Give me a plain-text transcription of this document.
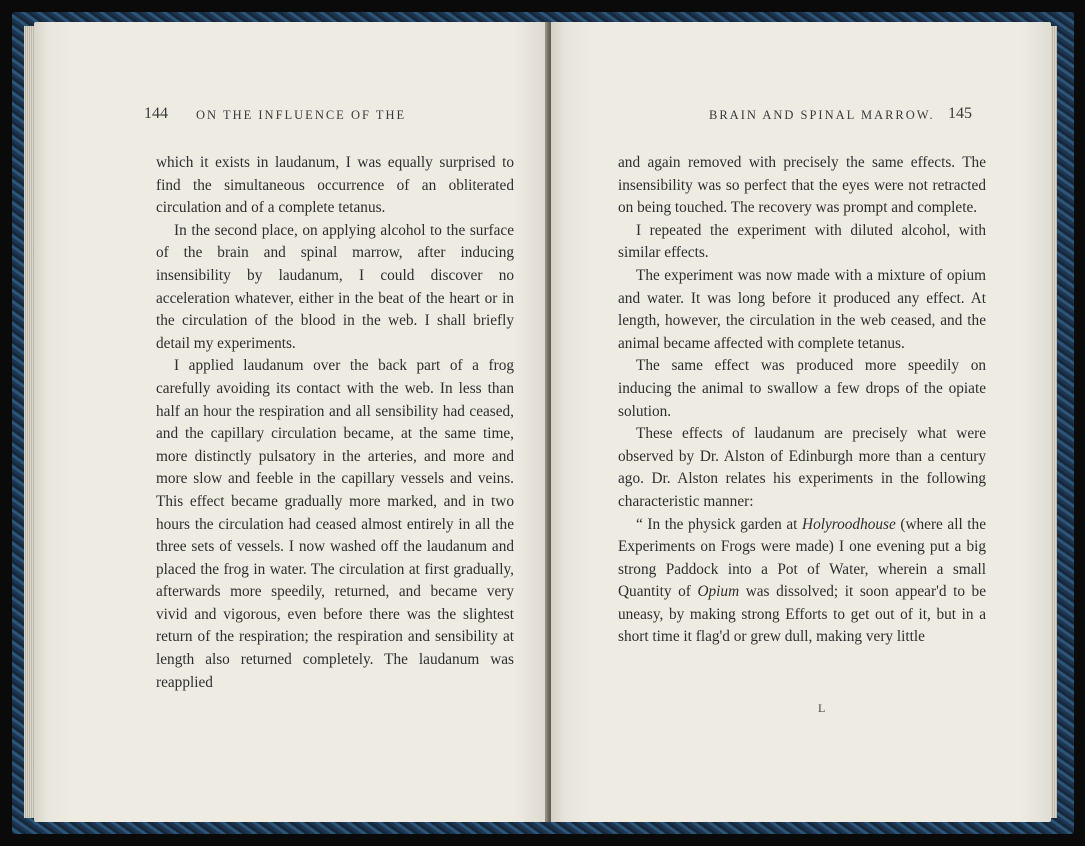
144 ON THE INFLUENCE OF THE

which it exists in laudanum, I was equally surprised to find the simultaneous occurrence of an obliterated circulation and of a complete tetanus.

In the second place, on applying alcohol to the surface of the brain and spinal marrow, after inducing insensibility by laudanum, I could discover no acceleration whatever, either in the beat of the heart or in the circulation of the blood in the web. I shall briefly detail my experiments.

I applied laudanum over the back part of a frog carefully avoiding its contact with the web. In less than half an hour the respiration and all sensibility had ceased, and the capillary circulation became, at the same time, more distinctly pulsatory in the arteries, and more and more slow and feeble in the capillary vessels and veins. This effect became gradually more marked, and in two hours the circulation had ceased almost entirely in all the three sets of vessels. I now washed off the laudanum and placed the frog in water. The circulation at first gradually, afterwards more speedily, returned, and became very vivid and vigorous, even before there was the slightest return of the respiration; the respiration and sensibility at length also returned completely. The laudanum was reapplied

BRAIN AND SPINAL MARROW. 145

and again removed with precisely the same effects. The insensibility was so perfect that the eyes were not retracted on being touched. The recovery was prompt and complete.

I repeated the experiment with diluted alcohol, with similar effects.

The experiment was now made with a mixture of opium and water. It was long before it produced any effect. At length, however, the circulation in the web ceased, and the animal became affected with complete tetanus.

The same effect was produced more speedily on inducing the animal to swallow a few drops of the opiate solution.

These effects of laudanum are precisely what were observed by Dr. Alston of Edinburgh more than a century ago. Dr. Alston relates his experiments in the following characteristic manner:

“ In the physick garden at Holyroodhouse (where all the Experiments on Frogs were made) I one evening put a big strong Paddock into a Pot of Water, wherein a small Quantity of Opium was dissolved; it soon appear'd to be uneasy, by making strong Efforts to get out of it, but in a short time it flag'd or grew dull, making very little

L
